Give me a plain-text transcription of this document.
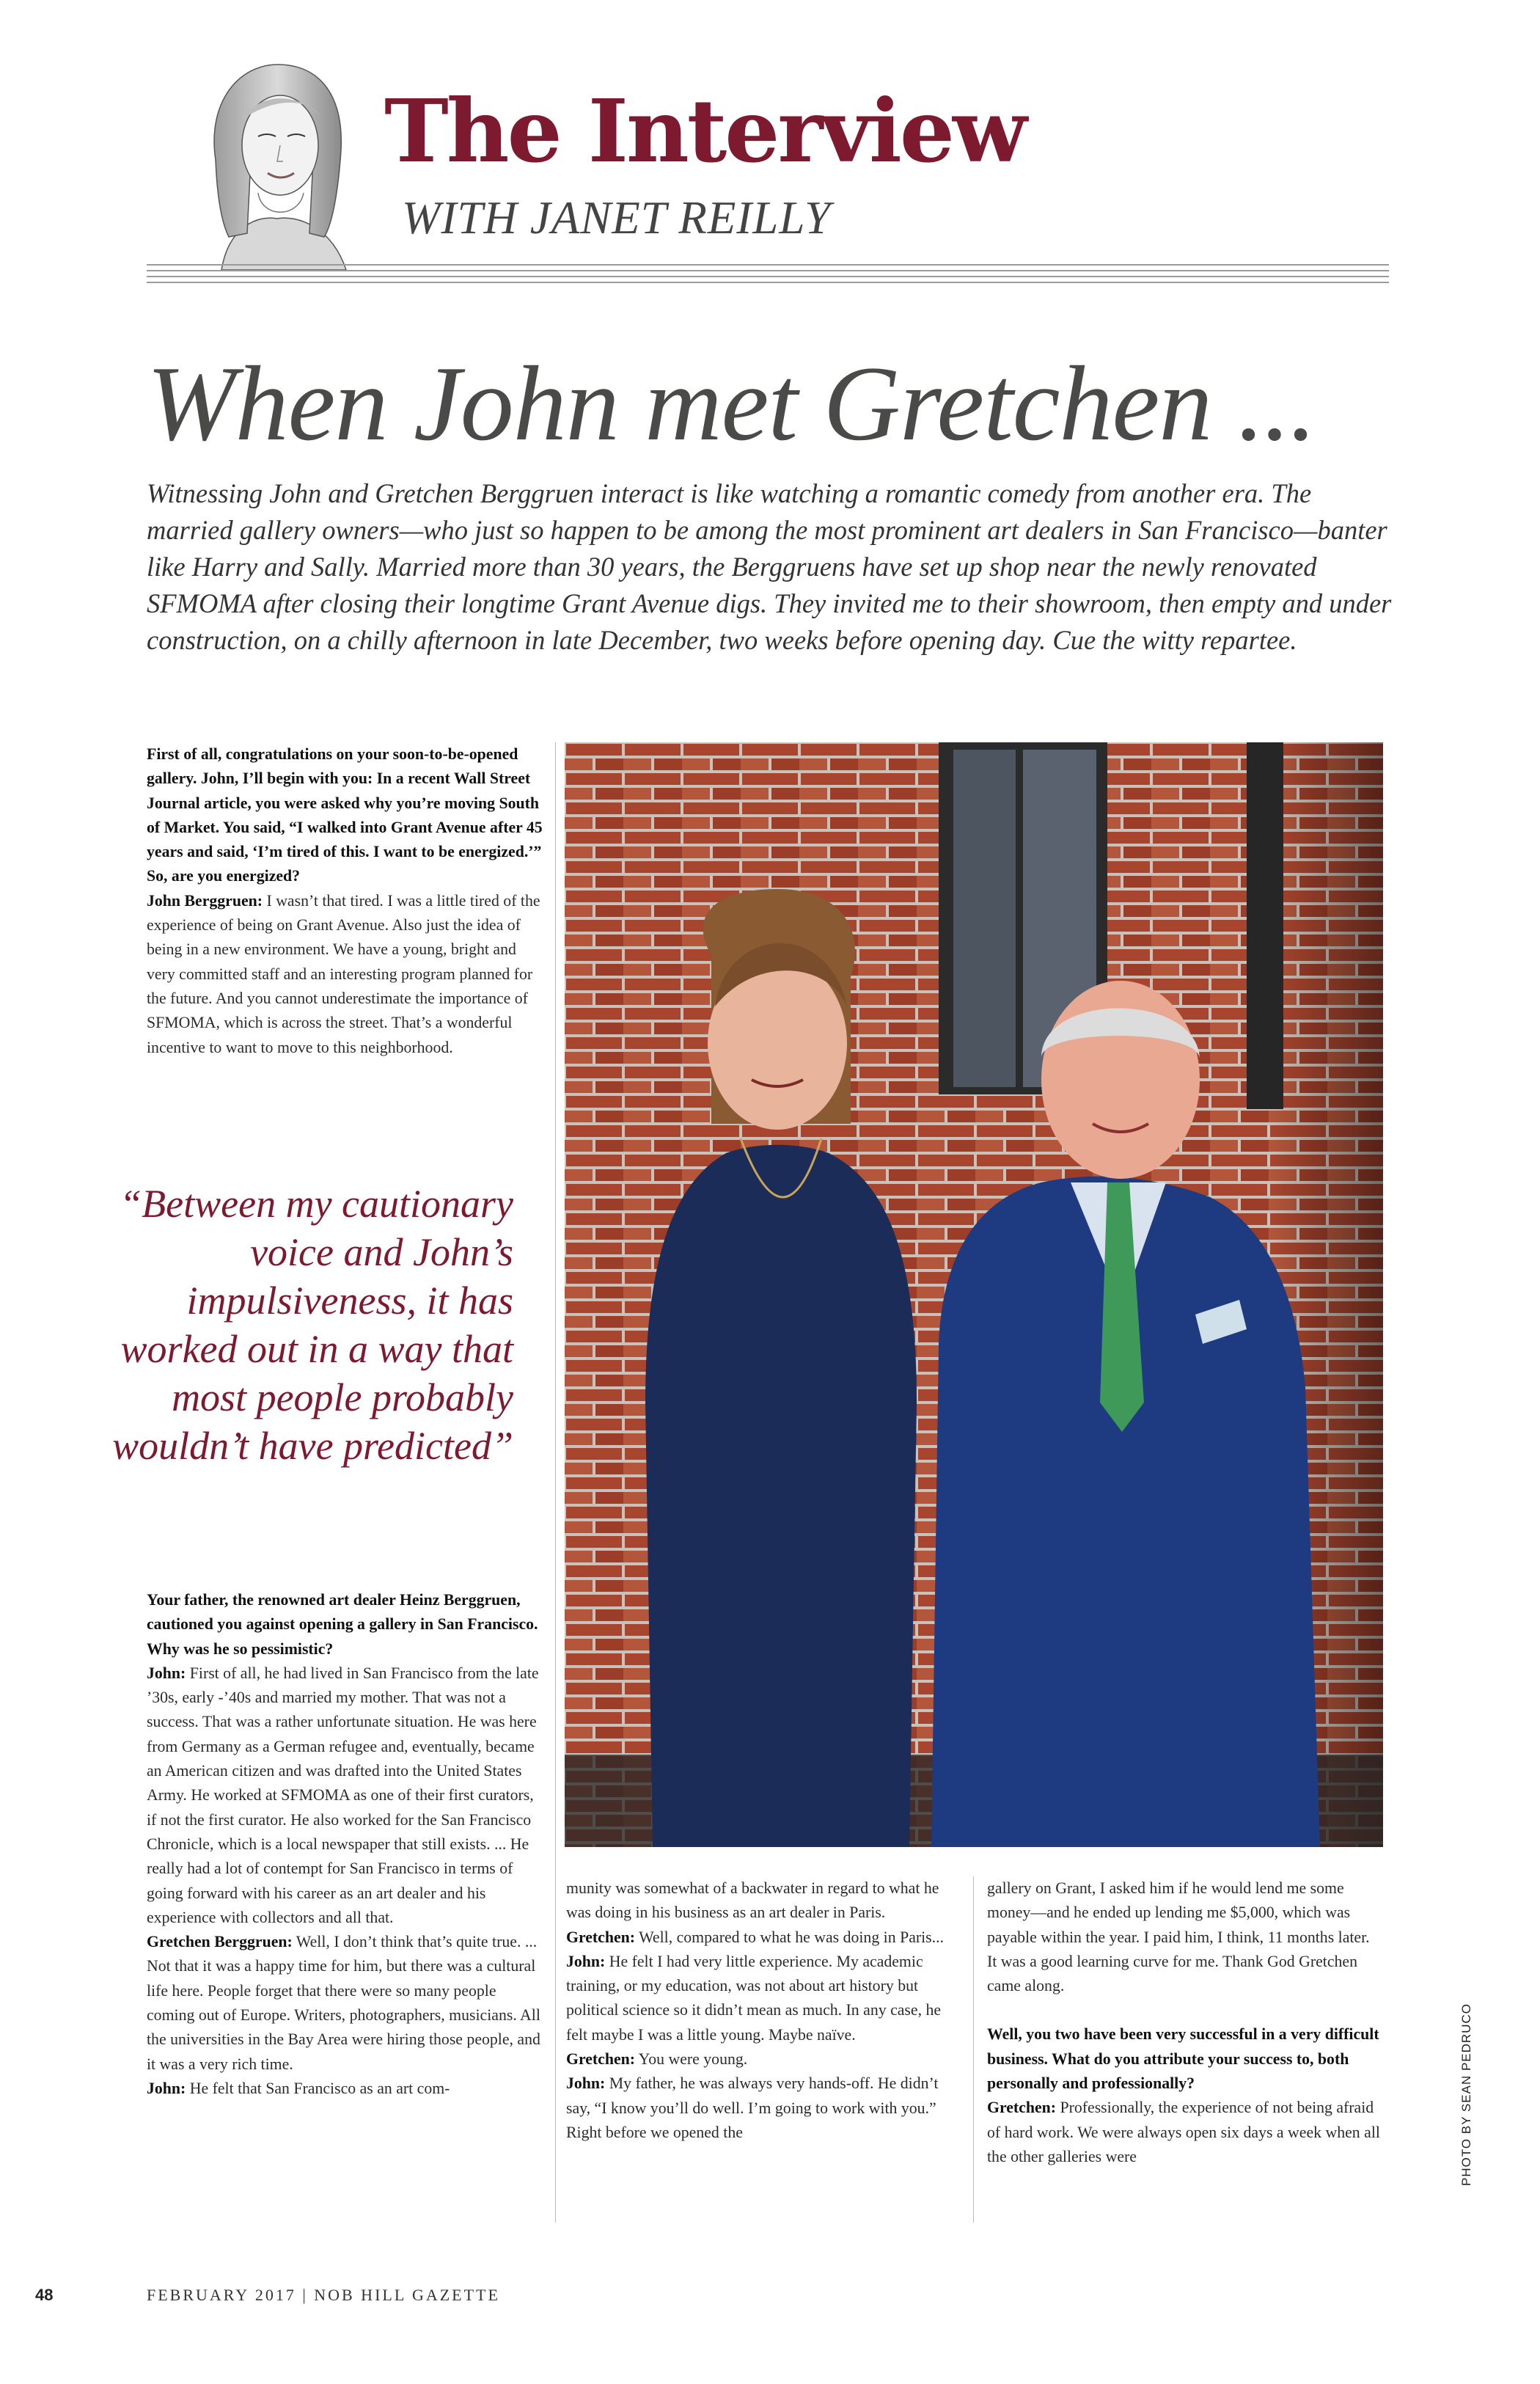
The Interview
WITH JANET REILLY
When John met Gretchen ...
Witnessing John and Gretchen Berggruen interact is like watching a romantic comedy from another era. The married gallery owners—who just so happen to be among the most prominent art dealers in San Francisco—banter like Harry and Sally. Married more than 30 years, the Berggruens have set up shop near the newly renovated SFMOMA after closing their longtime Grant Avenue digs. They invited me to their showroom, then empty and under construction, on a chilly afternoon in late December, two weeks before opening day. Cue the witty repartee.

First of all, congratulations on your soon-to-be-opened gallery. John, I’ll begin with you: In a recent Wall Street Journal article, you were asked why you’re moving South of Market. You said, “I walked into Grant Avenue after 45 years and said, ‘I’m tired of this. I want to be energized.’” So, are you energized?
John Berggruen: I wasn’t that tired. I was a little tired of the experience of being on Grant Avenue. Also just the idea of being in a new environment. We have a young, bright and very committed staff and an interesting program planned for the future. And you cannot underestimate the importance of SFMOMA, which is across the street. That’s a wonderful incentive to want to move to this neighborhood.

“Between my cautionary voice and John’s impulsiveness, it has worked out in a way that most people probably wouldn’t have predicted”

Your father, the renowned art dealer Heinz Berggruen, cautioned you against opening a gallery in San Francisco. Why was he so pessimistic?
John: First of all, he had lived in San Francisco from the late ’30s, early -’40s and married my mother. That was not a success. That was a rather unfortunate situation. He was here from Germany as a German refugee and, eventually, became an American citizen and was drafted into the United States Army. He worked at SFMOMA as one of their first curators, if not the first curator. He also worked for the San Francisco Chronicle, which is a local newspaper that still exists. ... He really had a lot of contempt for San Francisco in terms of going forward with his career as an art dealer and his experience with collectors and all that.
Gretchen Berggruen: Well, I don’t think that’s quite true. ... Not that it was a happy time for him, but there was a cultural life here. People forget that there were so many people coming out of Europe. Writers, photographers, musicians. All the universities in the Bay Area were hiring those people, and it was a very rich time.
John: He felt that San Francisco as an art com-

munity was somewhat of a backwater in regard to what he was doing in his business as an art dealer in Paris.
Gretchen: Well, compared to what he was doing in Paris...
John: He felt I had very little experience. My academic training, or my education, was not about art history but political science so it didn’t mean as much. In any case, he felt maybe I was a little young. Maybe naïve.
Gretchen: You were young.
John: My father, he was always very hands-off. He didn’t say, “I know you’ll do well. I’m going to work with you.” Right before we opened the

gallery on Grant, I asked him if he would lend me some money—and he ended up lending me $5,000, which was payable within the year. I paid him, I think, 11 months later. It was a good learning curve for me. Thank God Gretchen came along.

Well, you two have been very successful in a very difficult business. What do you attribute your success to, both personally and professionally?
Gretchen: Professionally, the experience of not being afraid of hard work. We were always open six days a week when all the other galleries were	PHOTO BY SEAN PEDRUCO
48	FEBRUARY 2017 | NOB HILL GAZETTE
